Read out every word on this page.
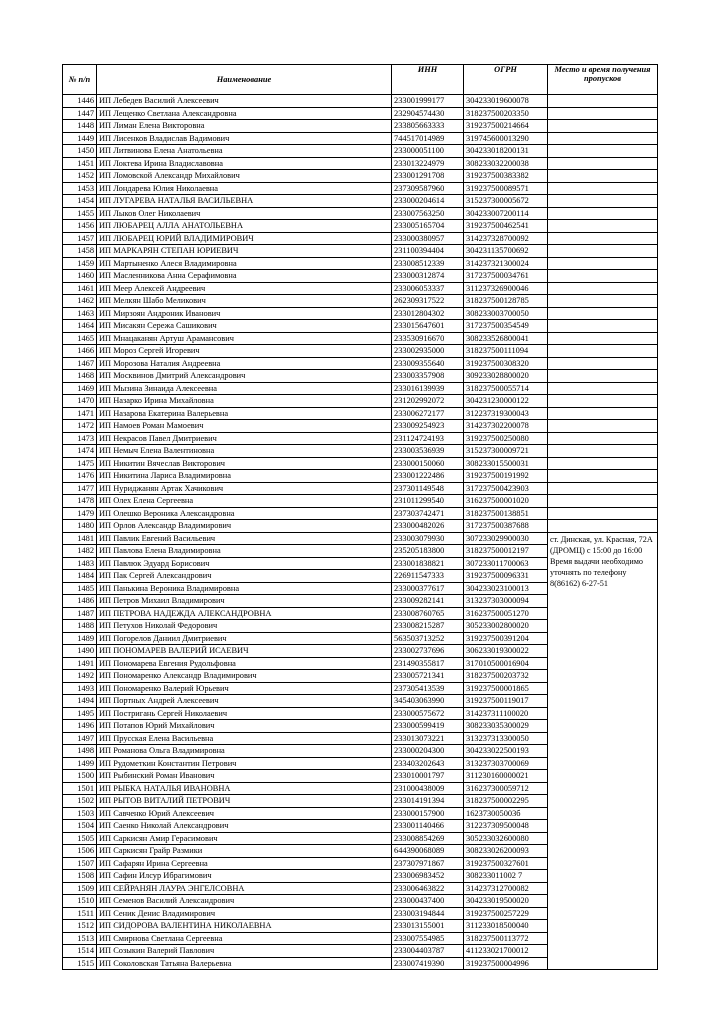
№ п/п	Наименование	ИНН	ОГРН	Место и время получения пропусков
1446	ИП Лебедев Василий Алексеевич	233001999177	304233019600078	
1447	ИП Лещенко Светлана Александровна	232904574430	318237500203350	
1448	ИП Лиман Елена Викторовна	233805663333	319237500214664	
1449	ИП Лисенков Владислав Вадимович	744517014989	319745600013290	
1450	ИП Литвинова Елена Анатольевна	233000051100	304233018200131	
1451	ИП Локтева Ирина Владиславовна	233013224979	308233032200038	
1452	ИП Ломовской Александр Михайлович	233001291708	319237500383382	
1453	ИП Лондарева Юлия Николаевна	237309587960	319237500089571	
1454	ИП ЛУГАРЕВА НАТАЛЬЯ ВАСИЛЬЕВНА	233000204614	315237300005672	
1455	ИП Лыков Олег Николаевич	233007563250	304233007200114	
1456	ИП ЛЮБАРЕЦ АЛЛА АНАТОЛЬЕВНА	233005165704	319237500462541	
1457	ИП ЛЮБАРЕЦ ЮРИЙ ВЛАДИМИРОВИЧ	233000380957	314237328700092	
1458	ИП МАРКАРЯН СТЕПАН ЮРИЕВИЧ	231100394404	304231135700692	
1459	ИП Мартыненко Алеся Владимировна	233008512339	314237321300024	
1460	ИП Масленникова Анна Серафимовна	233000312874	317237500034761	
1461	ИП Меер Алексей Андреевич	233006053337	311237326900046	
1462	ИП Мелкян Шабо Меликович	262309317522	318237500128785	
1463	ИП Мирзоян Андроник Иванович	233012804302	308233003700050	
1464	ИП Мисакян Сережа Сашикович	233015647601	317237500354549	
1465	ИП Мнацаканян Артуш Арамансович	233530916670	308233526800041	
1466	ИП Мороз Сергей Игоревич	233002935000	318237500111094	
1467	ИП Морозова Наталия Андреевна	233009355640	319237500308320	
1468	ИП Москвинов Дмитрий Александрович	233003357908	309233028800020	
1469	ИП Мызина Зинаида Алексеевна	233016139939	318237500055714	
1470	ИП Назарко Ирина Михайловна	231202992072	304231230000122	
1471	ИП Назарова Екатерина Валерьевна	233006272177	312237319300043	
1472	ИП Намоев Роман Мамоевич	233009254923	314237302200078	
1473	ИП Некрасов Павел Дмитриевич	231124724193	319237500250080	
1474	ИП Немыч Елена Валентиновна	233003536939	315237300009721	
1475	ИП Никитин Вячеслав Викторович	233000150060	308233015500031	
1476	ИП Никитина Лариса Владимировна	233001222486	319237500191992	
1477	ИП Нуриджанян Артак Хачикович	237301149548	317237500423903	
1478	ИП Олех Елена Сергеевна	231011299540	316237500001020	
1479	ИП Олешко Вероника Александровна	237303742471	318237500138851	
1480	ИП Орлов Александр Владимирович	233000482026	317237500387688	
1481	ИП Павлик Евгений Васильевич	233003079930	307233029900030	ст. Динская, ул. Красная, 72А (ДРОМЦ) с 15:00 до 16:00 Время выдачи необходимо уточнять по телефону 8(86162) 6-27-51
1482	ИП Павлова Елена Владимировна	235205183800	318237500012197	
1483	ИП Павлюк Эдуард Борисович	233001838821	307233011700063	
1484	ИП Пак Сергей Александрович	226911547333	319237500096331	
1485	ИП Панькина Вероника Владимировна	233000377617	304233023100013	
1486	ИП Петров Михаил Владимирович	233009282141	313237303000094	
1487	ИП ПЕТРОВА НАДЕЖДА АЛЕКСАНДРОВНА	233008760765	316237500051270	
1488	ИП Петухов Николай Федорович	233008215287	305233002800020	
1489	ИП Погорелов Даниил Дмитриевич	563503713252	319237500391204	
1490	ИП ПОНОМАРЕВ ВАЛЕРИЙ ИСАЕВИЧ	233002737696	306233019300022	
1491	ИП Пономарева Евгения Рудольфовна	231490355817	317010500016904	
1492	ИП Пономаренко Александр Владимирович	233005721341	318237500203732	
1493	ИП Пономаренко Валерий Юрьевич	237305413539	319237500001865	
1494	ИП Портных Андрей Алексеевич	345403063990	319237500119017	
1495	ИП Постригань Сергей Николаевич	233000575672	314237311100020	
1496	ИП Потапов Юрий Михайлович	233000599419	308233035300029	
1497	ИП Прусская Елена Васильевна	233013073221	313237313300050	
1498	ИП Романова Ольга Владимировна	233000204300	304233022500193	
1499	ИП Рудометкин Константин Петрович	233403202643	313237303700069	
1500	ИП Рыбинский Роман Иванович	233010001797	311230160000021	
1501	ИП РЫБКА НАТАЛЬЯ ИВАНОВНА	231000438009	316237300059712	
1502	ИП РЫТОВ ВИТАЛИЙ ПЕТРОВИЧ	233014191394	318237500002295	
1503	ИП Савченко Юрий Алексеевич	233000157900	162373005003б	
1504	ИП Саенко Николай Александрович	233001140466	312237309500048	
1505	ИП Саркисян Амир Герасимович	233008854269	305233032600080	
1506	ИП Саркисян Грайр Размики	644390068089	308233026200093	
1507	ИП Сафарян Ирина Сергеевна	237307971867	319237500327601	
1508	ИП Сафин Илсур Ибрагимович	233006983452	308233011002 7	
1509	ИП СЕЙРАНЯН ЛАУРА ЭНГЕЛСОВНА	233006463822	314237312700082	
1510	ИП Семенов Василий Александрович	233000437400	304233019500020	
1511	ИП Сеник Денис Владимирович	233003194844	319237500257229	
1512	ИП СИДОРОВА ВАЛЕНТИНА НИКОЛАЕВНА	233013155001	311233018500040	
1513	ИП Смирнова Светлана Сергеевна	233007554985	318237500113772	
1514	ИП Созыкин Валерий Павлович	233004403787	411233021700012	
1515	ИП Соколовская Татьяна Валерьевна	233007419390	319237500004996	
